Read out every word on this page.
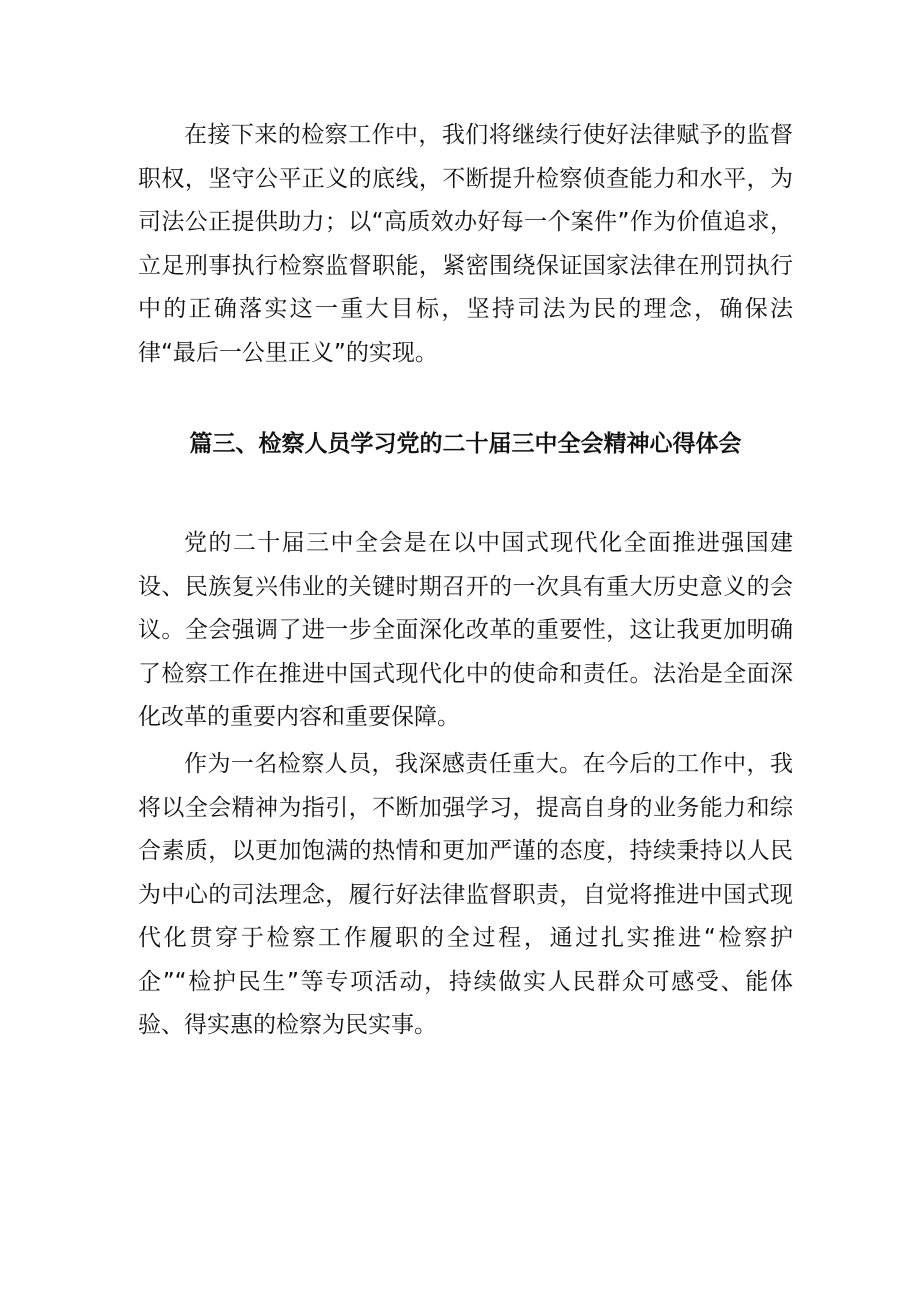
在接下来的检察工作中，我们将继续行使好法律赋予的监督职权，坚守公平正义的底线，不断提升检察侦查能力和水平，为司法公正提供助力；以“高质效办好每一个案件”作为价值追求，立足刑事执行检察监督职能，紧密围绕保证国家法律在刑罚执行中的正确落实这一重大目标，坚持司法为民的理念，确保法律“最后一公里正义”的实现。

篇三、检察人员学习党的二十届三中全会精神心得体会

党的二十届三中全会是在以中国式现代化全面推进强国建设、民族复兴伟业的关键时期召开的一次具有重大历史意义的会议。全会强调了进一步全面深化改革的重要性，这让我更加明确了检察工作在推进中国式现代化中的使命和责任。法治是全面深化改革的重要内容和重要保障。

作为一名检察人员，我深感责任重大。在今后的工作中，我将以全会精神为指引，不断加强学习，提高自身的业务能力和综合素质，以更加饱满的热情和更加严谨的态度，持续秉持以人民为中心的司法理念，履行好法律监督职责，自觉将推进中国式现代化贯穿于检察工作履职的全过程，通过扎实推进“检察护企”“检护民生”等专项活动，持续做实人民群众可感受、能体验、得实惠的检察为民实事。
